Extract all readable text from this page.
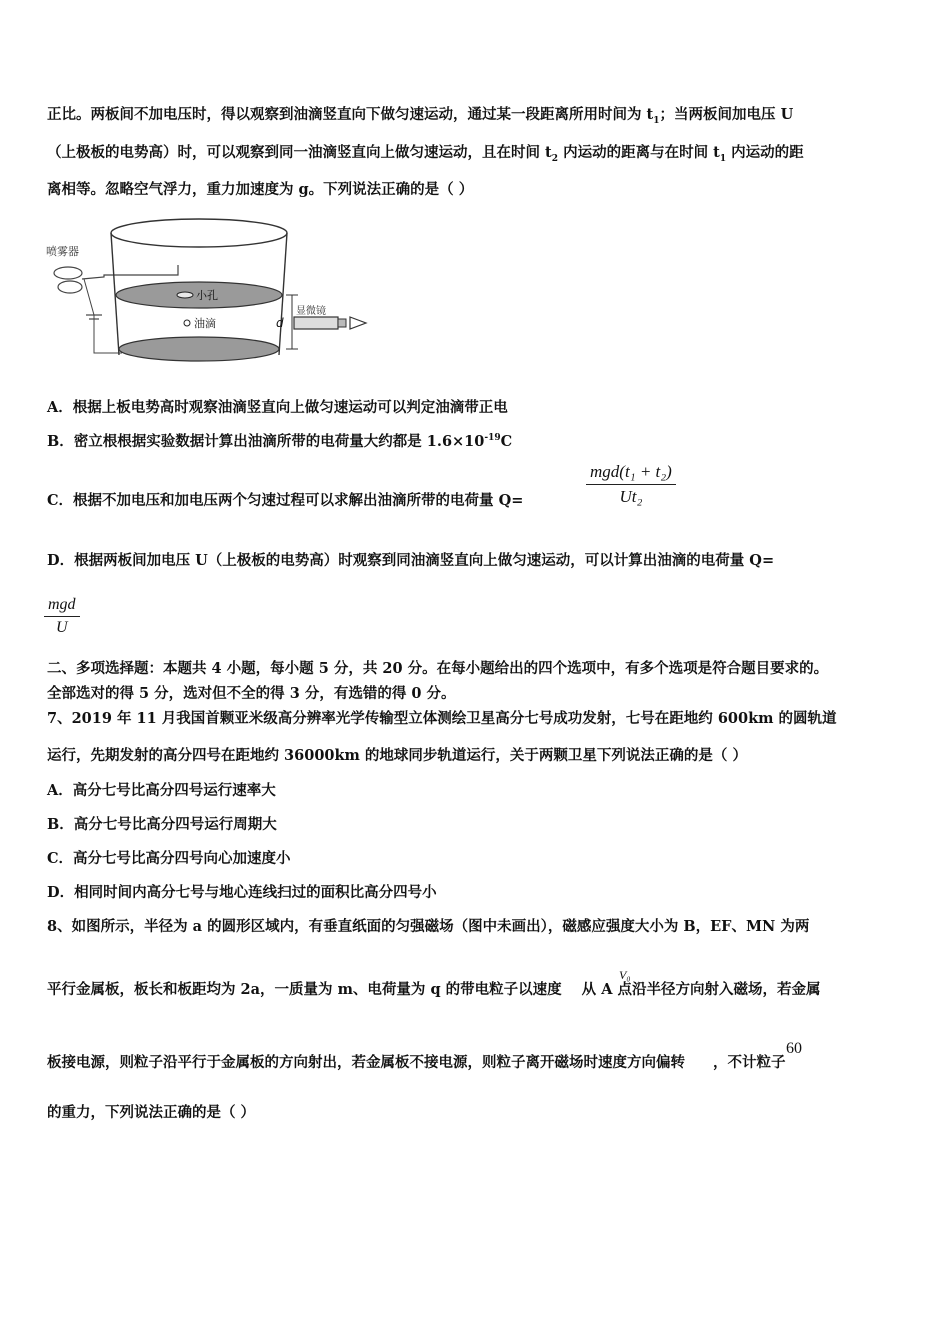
正比。两板间不加电压时，得以观察到油滴竖直向下做匀速运动，通过某一段距离所用时间为 $t_1$；当两板间加电压 U
（上极板的电势高）时，可以观察到同一油滴竖直向上做匀速运动，且在时间 $t_2$ 内运动的距离与在时间 $t_1$ 内运动的距
离相等。忽略空气浮力，重力加速度为 g。下列说法正确的是（ ）
喷雾器
小孔
油滴	d
显微镜
A．根据上板电势高时观察油滴竖直向上做匀速运动可以判定油滴带正电
B．密立根根据实验数据计算出油滴所带的电荷量大约都是 $1.6\times 10^{-19}C$
C．根据不加电压和加电压两个匀速过程可以求解出油滴所带的电荷量 Q=
mgd(t₁ + t₂)
Ut₂
D．根据两板间加电压 U（上极板的电势高）时观察到同油滴竖直向上做匀速运动，可以计算出油滴的电荷量 Q=
mgd
U
二、多项选择题：本题共 4 小题，每小题 5 分，共 20 分。在每小题给出的四个选项中，有多个选项是符合题目要求的。
全部选对的得 5 分，选对但不全的得 3 分，有选错的得 0 分。
7、2019 年 11 月我国首颗亚米级高分辨率光学传输型立体测绘卫星高分七号成功发射，七号在距地约 600km 的圆轨道
运行，先期发射的高分四号在距地约 36000km 的地球同步轨道运行，关于两颗卫星下列说法正确的是（ ）
A．高分七号比高分四号运行速率大
B．高分七号比高分四号运行周期大
C．高分七号比高分四号向心加速度小
D．相同时间内高分七号与地心连线扫过的面积比高分四号小
8、如图所示，半径为 a 的圆形区域内，有垂直纸面的匀强磁场（图中未画出），磁感应强度大小为 B，EF、MN 为两
平行金属板，板长和板距均为 2a，一质量为 m、电荷量为 q 的带电粒子以速度 从 A 点沿半径方向射入磁场，若金属
V₀
板接电源，则粒子沿平行于金属板的方向射出，若金属板不接电源，则粒子离开磁场时速度方向偏转 ，不计粒子
60
的重力，下列说法正确的是（ ）
